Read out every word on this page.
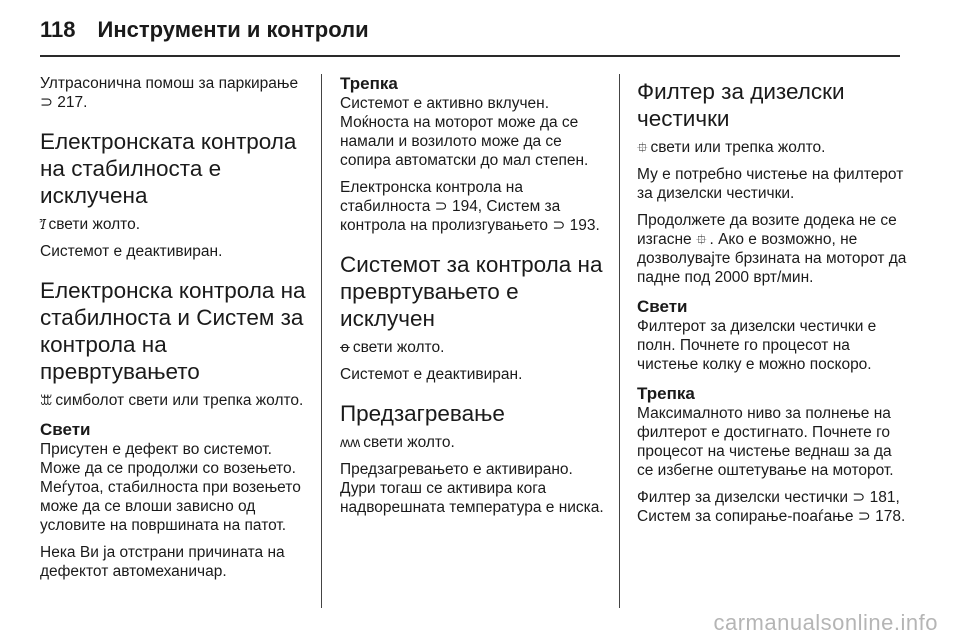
118 Инструменти и контроли

Ултрасонична помош за паркирање ⊃ 217.

Електронската контрола на стабилноста е исклучена

Ꞽ свети жолто.

Системот е деактивиран.

Електронска контрола на стабилноста и Систем за контрола на превртувањето

ꕭ симболот свети или трепка жолто.

Свети

Присутен е дефект во системот. Може да се продолжи со возењето. Меѓутоа, стабилноста при возењето може да се влоши зависно од условите на површината на патот.

Нека Ви ја отстрани причината на дефектот автомеханичар.

Трепка

Системот е активно вклучен. Моќноста на моторот може да се намали и возилото може да се сопира автоматски до мал степен.

Електронска контрола на стабилноста ⊃ 194, Систем за контрола на пролизгувањето ⊃ 193.

Системот за контрола на превртувањето е исклучен

ꝋ свети жолто.

Системот е деактивиран.

Предзагревање

ʍʍ свети жолто.

Предзагревањето е активирано. Дури тогаш се активира кога надворешната температура е ниска.

Филтер за дизелски честички

⯐ свети или трепка жолто.

Му е потребно чистење на филтерот за дизелски честички.

Продолжете да возите додека не се изгасне ⯐ . Ако е возможно, не дозволувајте брзината на моторот да падне под 2000 врт/мин.

Свети

Филтерот за дизелски честички е полн. Почнете го процесот на чистење колку е можно поскоро.

Трепка

Максималното ниво за полнење на филтерот е достигнато. Почнете го процесот на чистење веднаш за да се избегне оштетување на моторот.

Филтер за дизелски честички ⊃ 181, Систем за сопирање-поаѓање ⊃ 178.

carmanualsonline.info
